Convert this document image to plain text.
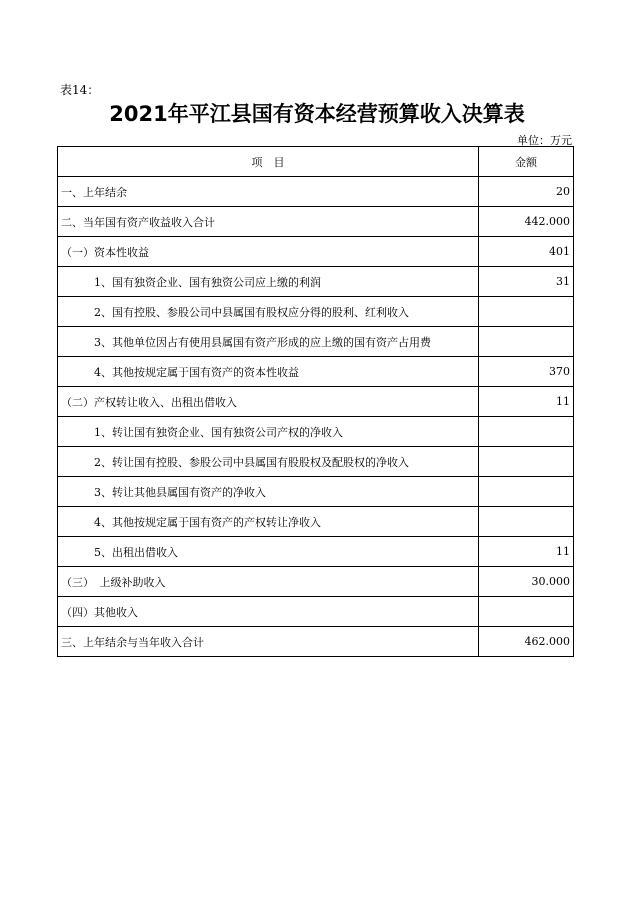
表14：
2021年平江县国有资本经营预算收入决算表
单位：万元
项　目	金额
一、上年结余	20
二、当年国有资产收益收入合计	442.000
（一）资本性收益	401
1、国有独资企业、国有独资公司应上缴的利润	31
2、国有控股、参股公司中县属国有股权应分得的股利、红利收入	
3、其他单位因占有使用县属国有资产形成的应上缴的国有资产占用费	
4、其他按规定属于国有资产的资本性收益	370
（二）产权转让收入、出租出借收入	11
1、转让国有独资企业、国有独资公司产权的净收入	
2、转让国有控股、参股公司中县属国有股股权及配股权的净收入	
3、转让其他县属国有资产的净收入	
4、其他按规定属于国有资产的产权转让净收入	
5、出租出借收入	11
（三）　上级补助收入	30.000
（四）其他收入	
三、上年结余与当年收入合计	462.000
